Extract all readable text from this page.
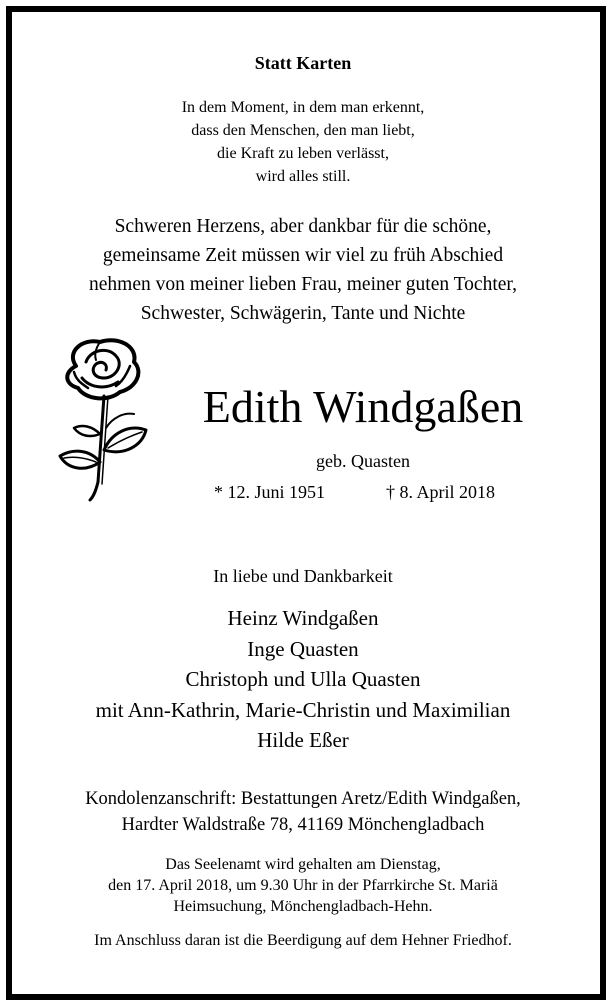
Statt Karten
In dem Moment, in dem man erkennt,
dass den Menschen, den man liebt,
die Kraft zu leben verlässt,
wird alles still.
Schweren Herzens, aber dankbar für die schöne,
gemeinsame Zeit müssen wir viel zu früh Abschied
nehmen von meiner lieben Frau, meiner guten Tochter,
Schwester, Schwägerin, Tante und Nichte
Edith Windgaßen
geb. Quasten
* 12. Juni 1951	† 8. April 2018
In liebe und Dankbarkeit
Heinz Windgaßen
Inge Quasten
Christoph und Ulla Quasten
mit Ann-Kathrin, Marie-Christin und Maximilian
Hilde Eßer
Kondolenzanschrift: Bestattungen Aretz/Edith Windgaßen,
Hardter Waldstraße 78, 41169 Mönchengladbach
Das Seelenamt wird gehalten am Dienstag,
den 17. April 2018, um 9.30 Uhr in der Pfarrkirche St. Mariä
Heimsuchung, Mönchengladbach-Hehn.
Im Anschluss daran ist die Beerdigung auf dem Hehner Friedhof.
